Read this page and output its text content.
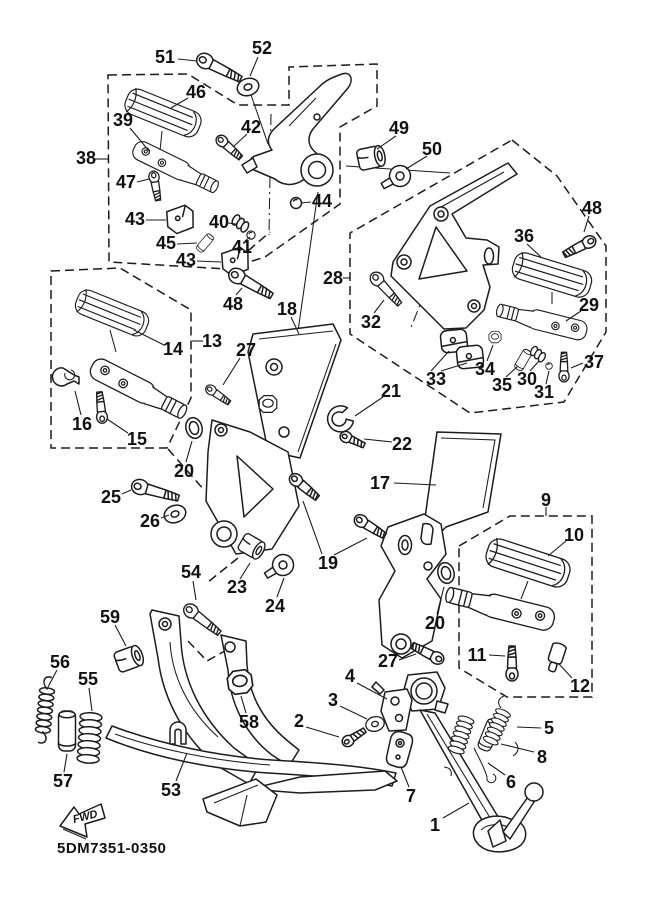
51	52
46
39
38
42
47
43	40
45	41
43
44
28
48
49
50
48
36
32
29
33 34
35 30
31
37
18
13
14	27
16
15
20
25
26
21
22
17
19
23
24
54
20
27
9
10
11
12
59
56
55
58
57	53
2
3
4
7
1
6
8
5
FWD
5DM7351-0350
